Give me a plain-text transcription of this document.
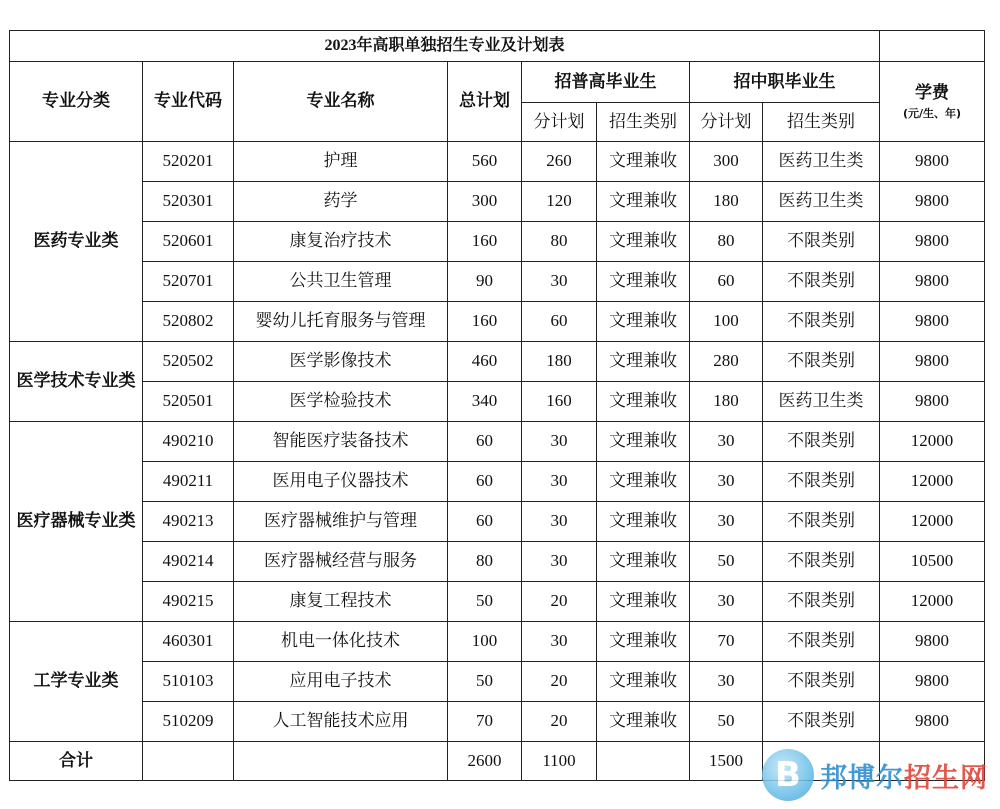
2023年高职单独招生专业及计划表								
专业分类	专业代码	专业名称	总计划	招普高毕业生		招中职毕业生		学费
(元/生、年)

				分计划	招生类别	分计划	招生类别	
医药专业类	520201	护理	560	260	文理兼收	300	医药卫生类	9800
	520301	药学	300	120	文理兼收	180	医药卫生类	9800
	520601	康复治疗技术	160	80	文理兼收	80	不限类别	9800
	520701	公共卫生管理	90	30	文理兼收	60	不限类别	9800
	520802	婴幼儿托育服务与管理	160	60	文理兼收	100	不限类别	9800
医学技术专业类	520502	医学影像技术	460	180	文理兼收	280	不限类别	9800
	520501	医学检验技术	340	160	文理兼收	180	医药卫生类	9800
医疗器械专业类	490210	智能医疗装备技术	60	30	文理兼收	30	不限类别	12000
	490211	医用电子仪器技术	60	30	文理兼收	30	不限类别	12000
	490213	医疗器械维护与管理	60	30	文理兼收	30	不限类别	12000
	490214	医疗器械经营与服务	80	30	文理兼收	50	不限类别	10500
	490215	康复工程技术	50	20	文理兼收	30	不限类别	12000
工学专业类	460301	机电一体化技术	100	30	文理兼收	70	不限类别	9800
	510103	应用电子技术	50	20	文理兼收	30	不限类别	9800
	510209	人工智能技术应用	70	20	文理兼收	50	不限类别	9800
合计			2600	1100		1500		B 邦博尔招生网
